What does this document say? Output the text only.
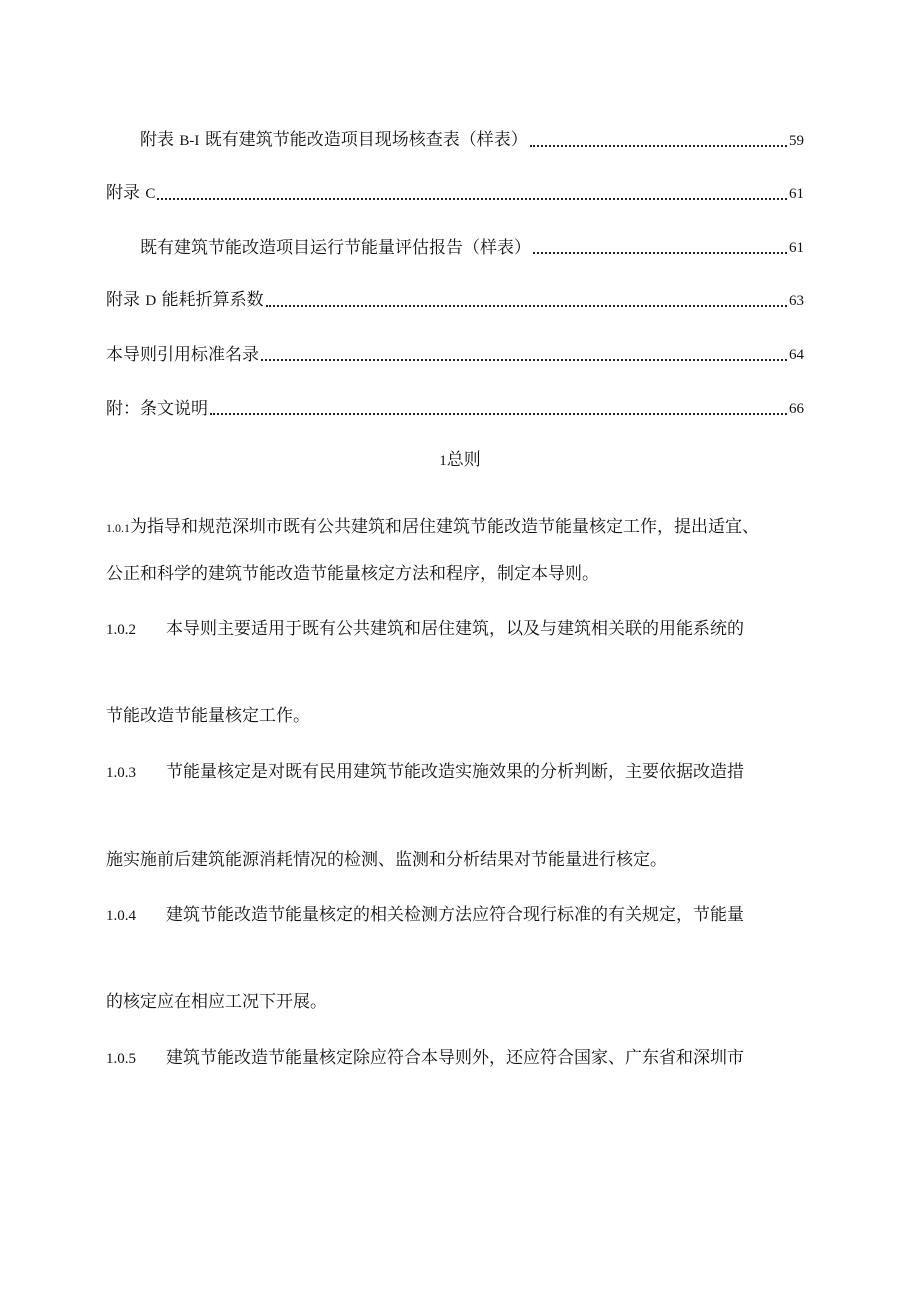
附表 B-I 既有建筑节能改造项目现场核查表（样表）	59
附录 C	61
既有建筑节能改造项目运行节能量评估报告（样表）	61
附录 D 能耗折算系数	63
本导则引用标准名录	64
附：条文说明	66
1总则
1.0.1为指导和规范深圳市既有公共建筑和居住建筑节能改造节能量核定工作，提出适宜、
公正和科学的建筑节能改造节能量核定方法和程序，制定本导则。
1.0.2 本导则主要适用于既有公共建筑和居住建筑，以及与建筑相关联的用能系统的
节能改造节能量核定工作。
1.0.3 节能量核定是对既有民用建筑节能改造实施效果的分析判断，主要依据改造措
施实施前后建筑能源消耗情况的检测、监测和分析结果对节能量进行核定。
1.0.4 建筑节能改造节能量核定的相关检测方法应符合现行标准的有关规定，节能量
的核定应在相应工况下开展。
1.0.5 建筑节能改造节能量核定除应符合本导则外，还应符合国家、广东省和深圳市
